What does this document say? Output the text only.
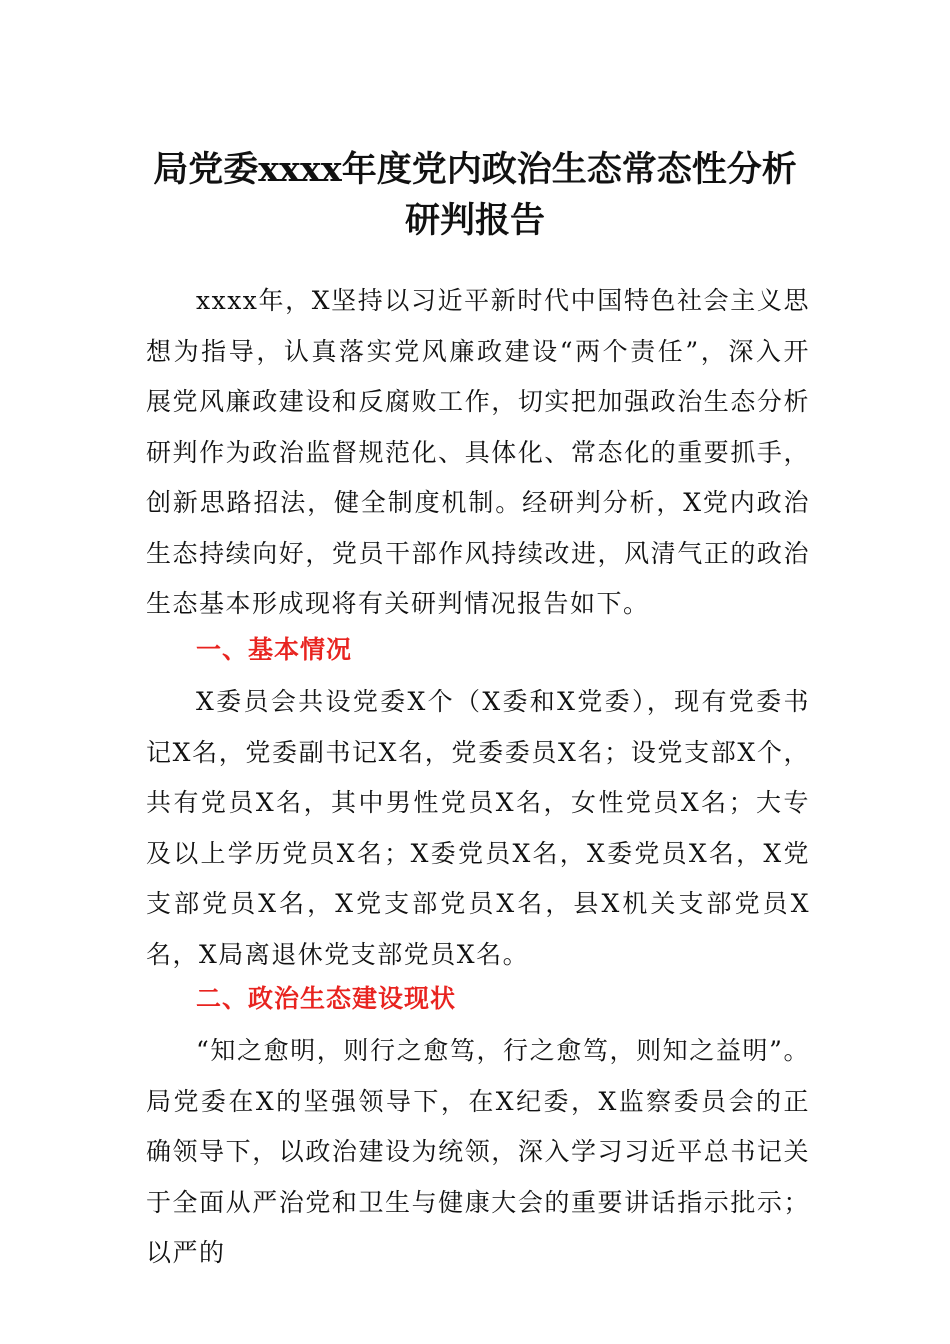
局党委xxxx年度党内政治生态常态性分析
研判报告

xxxx年，X坚持以习近平新时代中国特色社会主义思想为指导，认真落实党风廉政建设“两个责任”，深入开展党风廉政建设和反腐败工作，切实把加强政治生态分析研判作为政治监督规范化、具体化、常态化的重要抓手，创新思路招法，健全制度机制。经研判分析，X党内政治生态持续向好，党员干部作风持续改进，风清气正的政治生态基本形成现将有关研判情况报告如下。

一、基本情况

X委员会共设党委X个（X委和X党委），现有党委书记X名，党委副书记X名，党委委员X名；设党支部X个，共有党员X名，其中男性党员X名，女性党员X名；大专及以上学历党员X名；X委党员X名，X委党员X名，X党支部党员X名，X党支部党员X名，县X机关支部党员X名，X局离退休党支部党员X名。

二、政治生态建设现状

“知之愈明，则行之愈笃，行之愈笃，则知之益明”。局党委在X的坚强领导下，在X纪委，X监察委员会的正确领导下，以政治建设为统领，深入学习习近平总书记关于全面从严治党和卫生与健康大会的重要讲话指示批示；以严的
